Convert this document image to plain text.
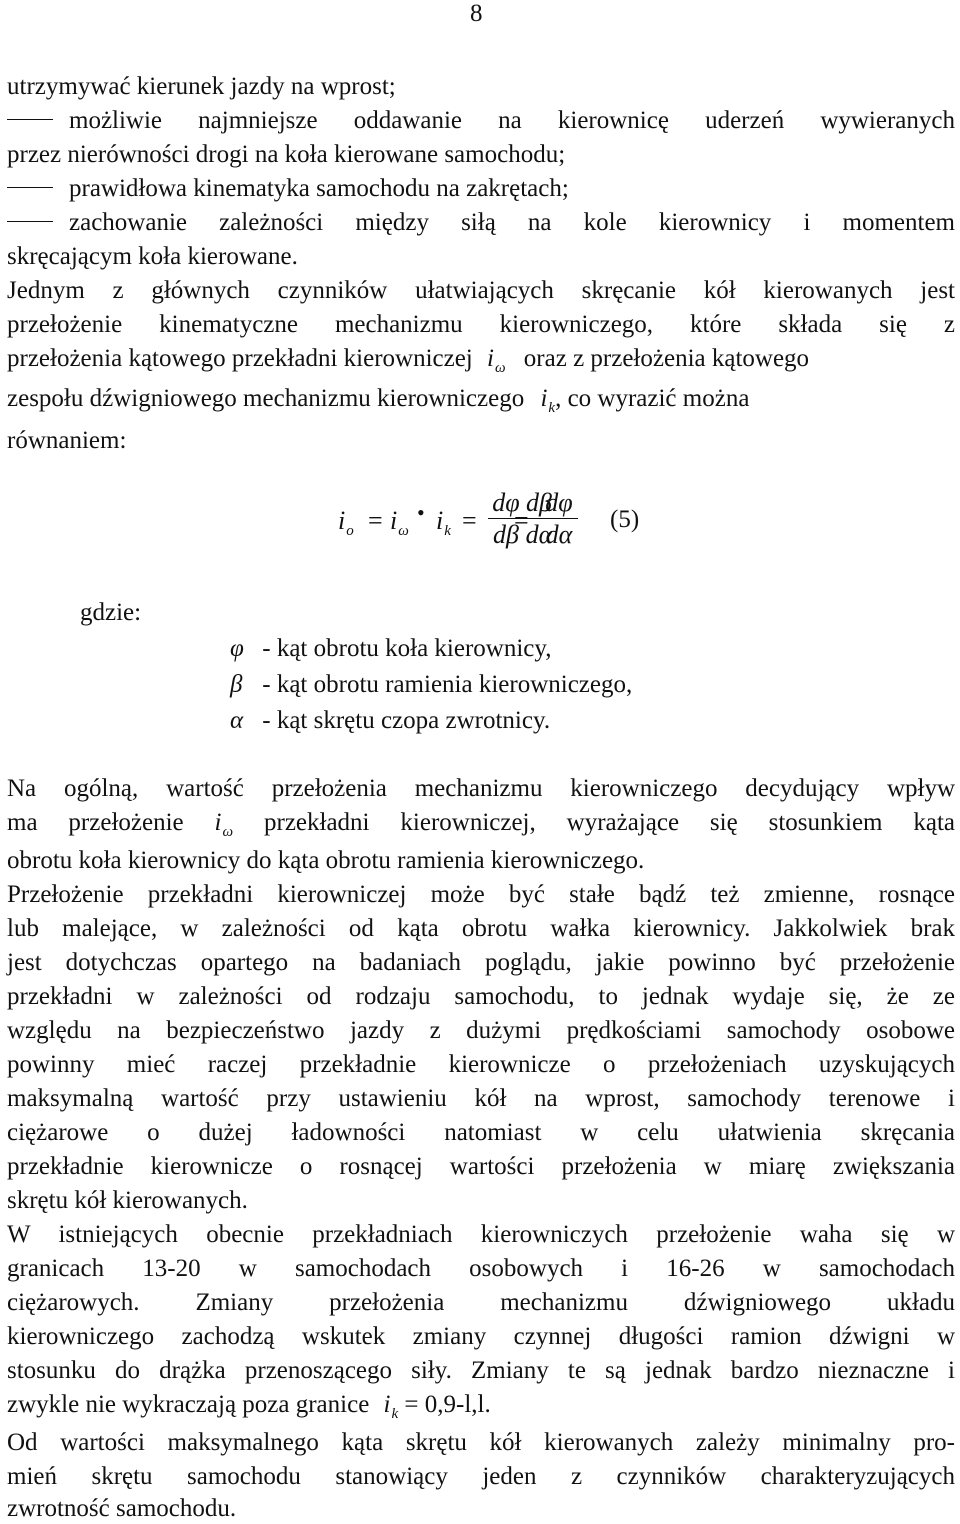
8
utrzymywać kierunek jazdy na wprost;
możliwie najmniejsze oddawanie na kierownicę uderzeń wywieranych
przez nierówności drogi na koła kierowane samochodu;
prawidłowa kinematyka samochodu na zakrętach;
zachowanie zależności między siłą na kole kierownicy i momentem
skręcającym koła kierowane.
Jednym z głównych czynników ułatwiających skręcanie kół kierowanych jest
przełożenie kinematyczne mechanizmu kierowniczego, które składa się z
przełożenia kątowego przekładni kierowniczej $i_\omega$ oraz z przełożenia kątowego
zespołu dźwigniowego mechanizmu kierowniczego $i_k$, co wyrazić można
równaniem:
$i_o = i_\omega$
• $i_k$ =
dφ
dβ
dβ
dα
=
dφ
dα
(5)
gdzie:
φ - kąt obrotu koła kierownicy,
β - kąt obrotu ramienia kierowniczego,
α - kąt skrętu czopa zwrotnicy.
Na ogólną, wartość przełożenia mechanizmu kierowniczego decydujący wpływ
ma przełożenie $i_\omega$ przekładni kierowniczej, wyrażające się stosunkiem kąta
obrotu koła kierownicy do kąta obrotu ramienia kierowniczego.
Przełożenie przekładni kierowniczej może być stałe bądź też zmienne, rosnące
lub malejące, w zależności od kąta obrotu wałka kierownicy. Jakkolwiek brak
jest dotychczas opartego na badaniach poglądu, jakie powinno być przełożenie
przekładni w zależności od rodzaju samochodu, to jednak wydaje się, że ze
względu na bezpieczeństwo jazdy z dużymi prędkościami samochody osobowe
powinny mieć raczej przekładnie kierownicze o przełożeniach uzyskujących
maksymalną wartość przy ustawieniu kół na wprost, samochody terenowe i
ciężarowe o dużej ładowności natomiast w celu ułatwienia skręcania
przekładnie kierownicze o rosnącej wartości przełożenia w miarę zwiększania
skrętu kół kierowanych.
W istniejących obecnie przekładniach kierowniczych przełożenie waha się w
granicach 13-20 w samochodach osobowych i 16-26 w samochodach
ciężarowych. Zmiany przełożenia mechanizmu dźwigniowego układu
kierowniczego zachodzą wskutek zmiany czynnej długości ramion dźwigni w
stosunku do drążka przenoszącego siły. Zmiany te są jednak bardzo nieznaczne i
zwykle nie wykraczają poza granice $i_k = 0,9-l,l$.
Od wartości maksymalnego kąta skrętu kół kierowanych zależy minimalny pro-
mień skrętu samochodu stanowiący jeden z czynników charakteryzujących
zwrotność samochodu.
